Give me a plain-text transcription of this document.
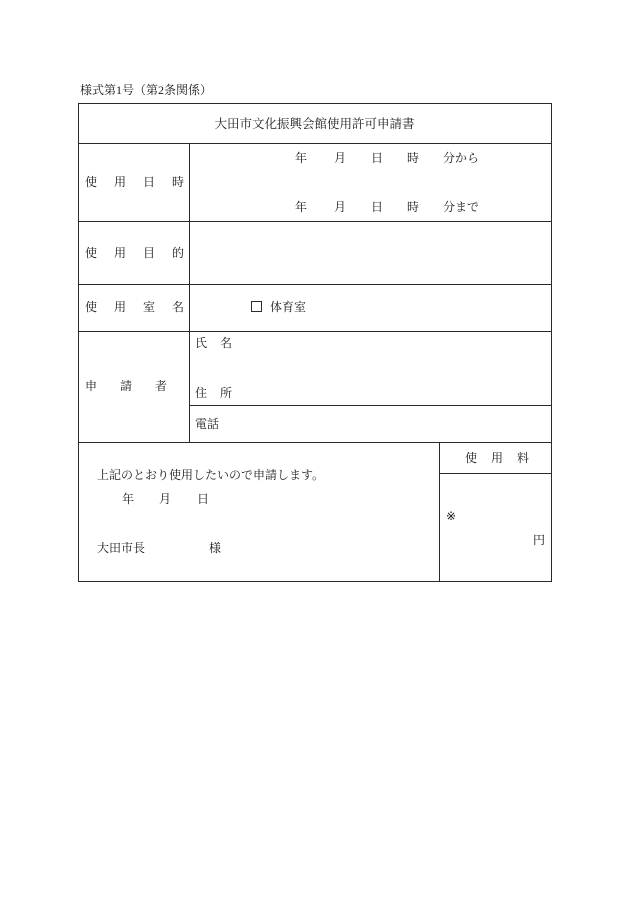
様式第1号（第2条関係）
大田市文化振興会館使用許可申請書
使用日時
年 月 日 時 分から
年 月 日 時 分まで
使用目的
使用室名	体育室
申請者
氏名
住所
電話
上記のとおり使用したいので申請します。
年 月 日
大田市長	様
使用料
※
円
